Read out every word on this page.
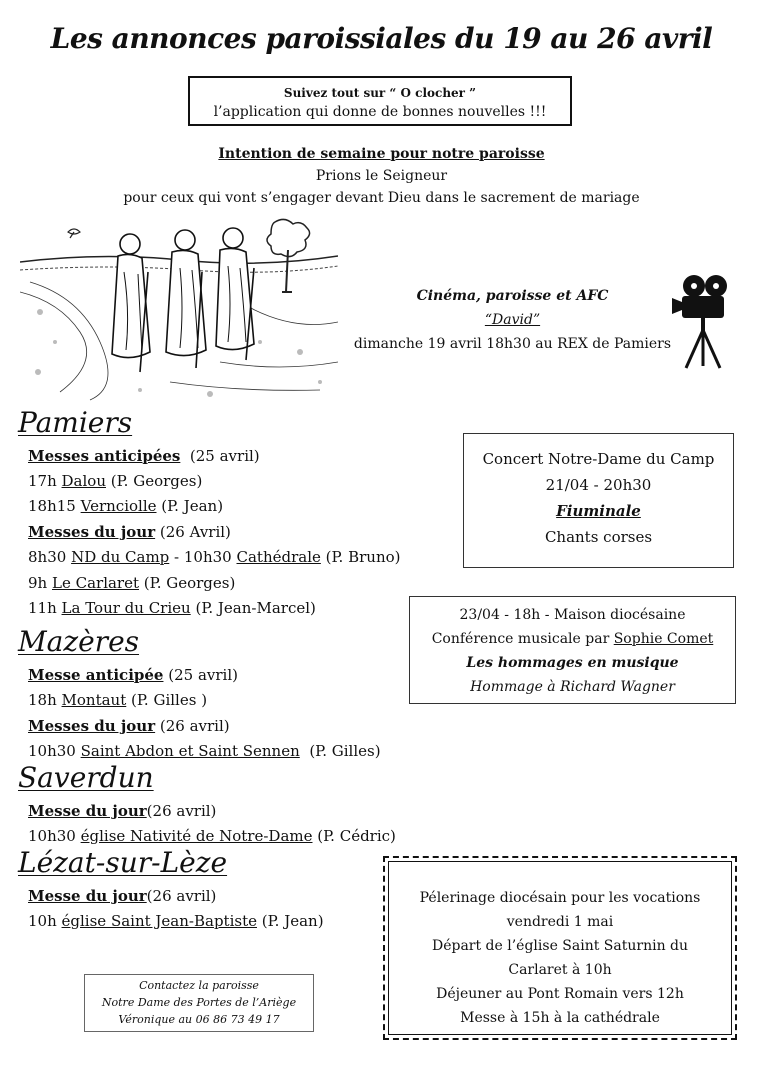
Les annonces paroissiales du 19 au 26 avril
Suivez tout sur “ O clocher ”
l’application qui donne de bonnes nouvelles !!!
Intention de semaine pour notre paroisse
Prions le Seigneur
pour ceux qui vont s’engager devant Dieu dans le sacrement de mariage
Cinéma, paroisse et AFC
“David”
dimanche 19 avril 18h30 au REX de Pamiers
Pamiers
Messes anticipées (25 avril)
17h Dalou (P. Georges)
18h15 Vernciolle (P. Jean)
Messes du jour (26 Avril)
8h30 ND du Camp - 10h30 Cathédrale (P. Bruno)
9h Le Carlaret (P. Georges)
11h La Tour du Crieu (P. Jean-Marcel)
Mazères
Messe anticipée (25 avril)
18h Montaut (P. Gilles )
Messes du jour (26 avril)
10h30 Saint Abdon et Saint Sennen (P. Gilles)
Saverdun
Messe du jour(26 avril)
10h30 église Nativité de Notre-Dame (P. Cédric)
Lézat-sur-Lèze
Messe du jour(26 avril)
10h église Saint Jean-Baptiste (P. Jean)
Concert Notre-Dame du Camp
21/04 - 20h30
Fiuminale
Chants corses
23/04 - 18h - Maison diocésaine
Conférence musicale par Sophie Comet
Les hommages en musique
Hommage à Richard Wagner
Contactez la paroisse
Notre Dame des Portes de l’Ariège
Véronique au 06 86 73 49 17
Pélerinage diocésain pour les vocations
vendredi 1 mai
Départ de l’église Saint Saturnin du
Carlaret à 10h
Déjeuner au Pont Romain vers 12h
Messe à 15h à la cathédrale
